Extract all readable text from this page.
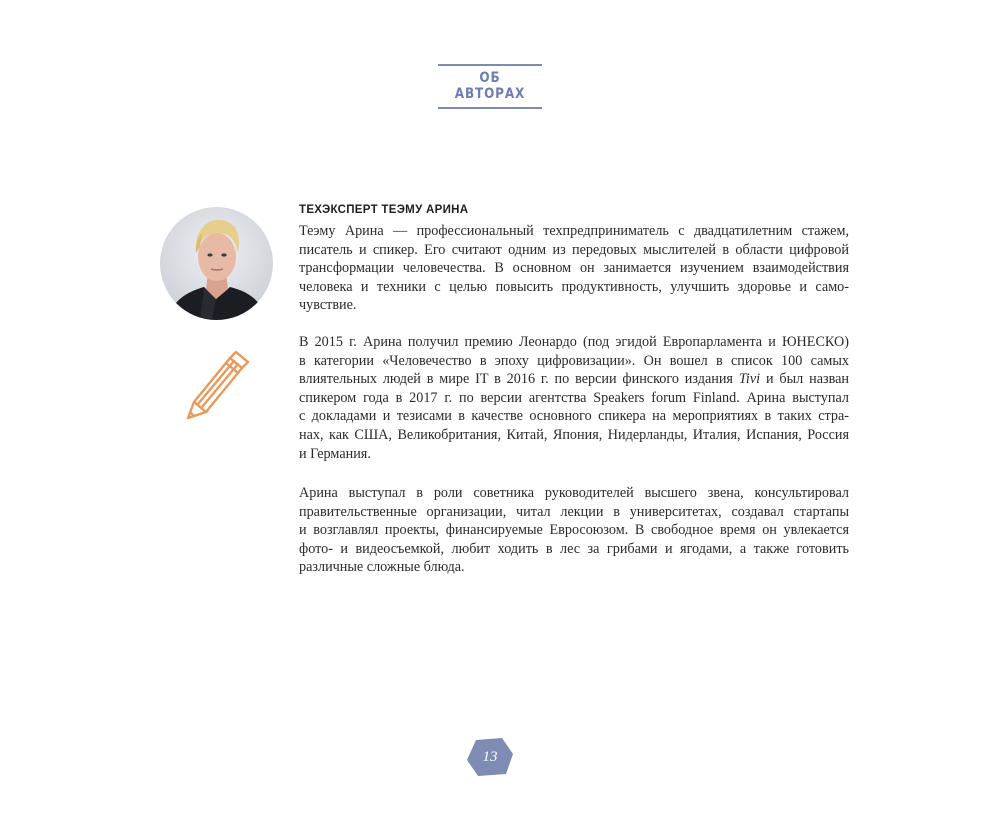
ОБ АВТОРАХ
ТЕХЭКСПЕРТ ТЕЭМУ АРИНА
Теэму Арина — профессиональный техпредприниматель с двадцатилетним стажем,
писатель и спикер. Его считают одним из передовых мыслителей в области цифровой
трансформации человечества. В основном он занимается изучением взаимодействия
человека и техники с целью повысить продуктивность, улучшить здоровье и само-
чувствие.
В 2015 г. Арина получил премию Леонардо (под эгидой Европарламента и ЮНЕСКО)
в категории «Человечество в эпоху цифровизации». Он вошел в список 100 самых
влиятельных людей в мире IT в 2016 г. по версии финского издания Tivi и был назван
спикером года в 2017 г. по версии агентства Speakers forum Finland. Арина выступал
с докладами и тезисами в качестве основного спикера на мероприятиях в таких стра-
нах, как США, Великобритания, Китай, Япония, Нидерланды, Италия, Испания, Россия
и Германия.
Арина выступал в роли советника руководителей высшего звена, консультировал
правительственные организации, читал лекции в университетах, создавал стартапы
и возглавлял проекты, финансируемые Евросоюзом. В свободное время он увлекается
фото- и видеосъемкой, любит ходить в лес за грибами и ягодами, а также готовить
различные сложные блюда.
13
